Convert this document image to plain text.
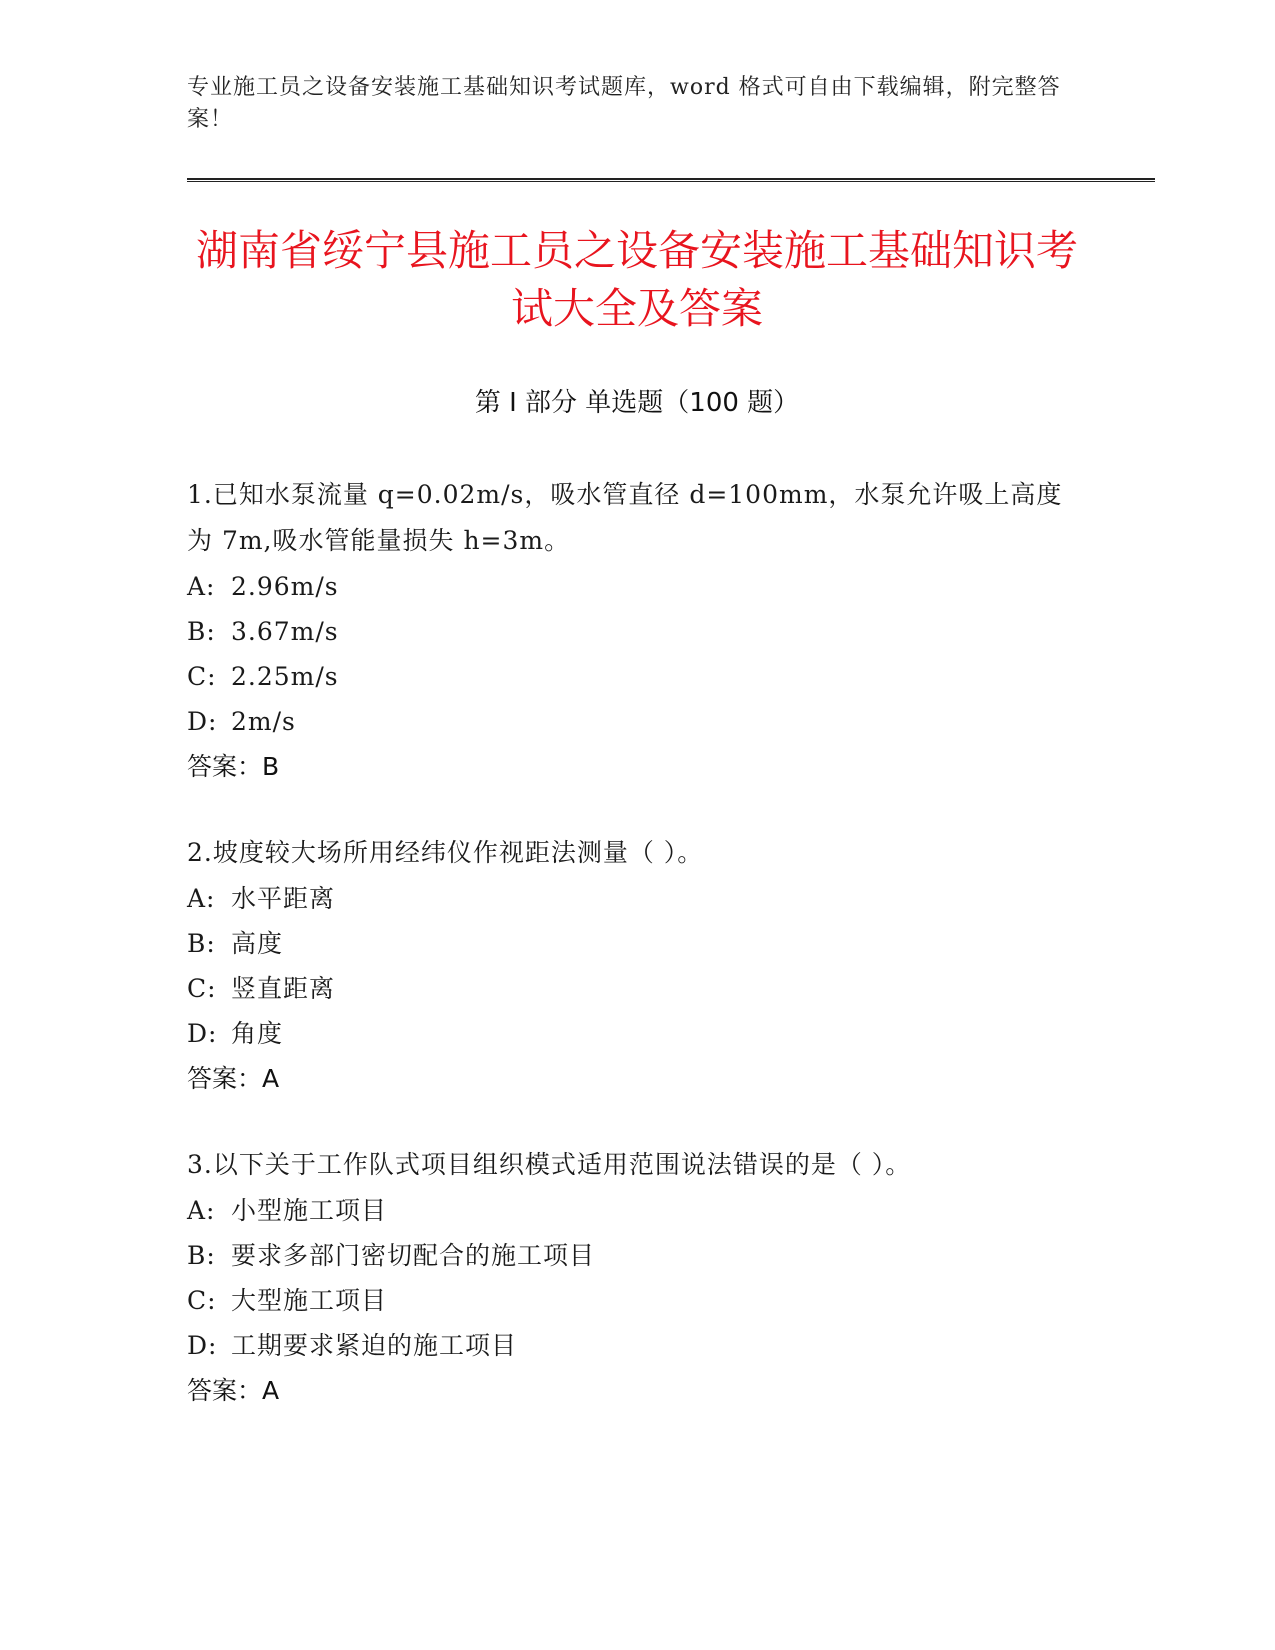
专业施工员之设备安装施工基础知识考试题库，word 格式可自由下载编辑，附完整答案！
湖南省绥宁县施工员之设备安装施工基础知识考试大全及答案
第 I 部分 单选题（100 题）
1.已知水泵流量 q=0.02m/s，吸水管直径 d=100mm，水泵允许吸上高度为 7m,吸水管能量损失 h=3m。
A: 2.96m/s
B: 3.67m/s
C: 2.25m/s
D: 2m/s
答案：B
2.坡度较大场所用经纬仪作视距法测量（ ）。
A: 水平距离
B: 高度
C: 竖直距离
D: 角度
答案：A
3.以下关于工作队式项目组织模式适用范围说法错误的是（ ）。
A: 小型施工项目
B: 要求多部门密切配合的施工项目
C: 大型施工项目
D: 工期要求紧迫的施工项目
答案：A
